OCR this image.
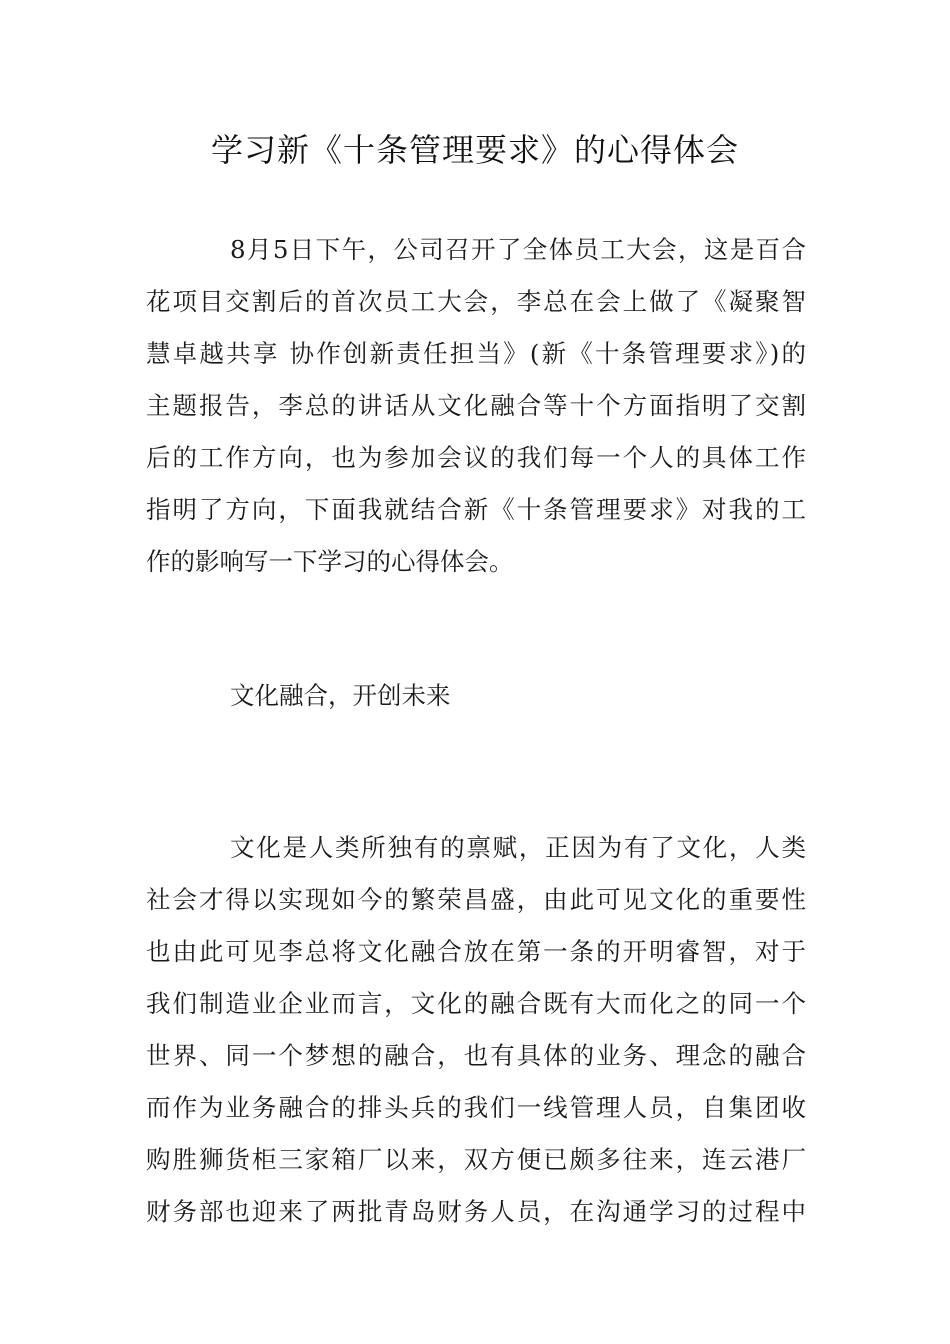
学习新《十条管理要求》的心得体会
8月5日下午，公司召开了全体员工大会，这是百合
花项目交割后的首次员工大会，李总在会上做了《凝聚智
慧卓越共享 协作创新责任担当》(新《十条管理要求》)的
主题报告，李总的讲话从文化融合等十个方面指明了交割
后的工作方向，也为参加会议的我们每一个人的具体工作
指明了方向，下面我就结合新《十条管理要求》对我的工
作的影响写一下学习的心得体会。

文化融合，开创未来

文化是人类所独有的禀赋，正因为有了文化，人类
社会才得以实现如今的繁荣昌盛，由此可见文化的重要性
也由此可见李总将文化融合放在第一条的开明睿智，对于
我们制造业企业而言，文化的融合既有大而化之的同一个
世界、同一个梦想的融合，也有具体的业务、理念的融合
而作为业务融合的排头兵的我们一线管理人员，自集团收
购胜狮货柜三家箱厂以来，双方便已颇多往来，连云港厂
财务部也迎来了两批青岛财务人员，在沟通学习的过程中
